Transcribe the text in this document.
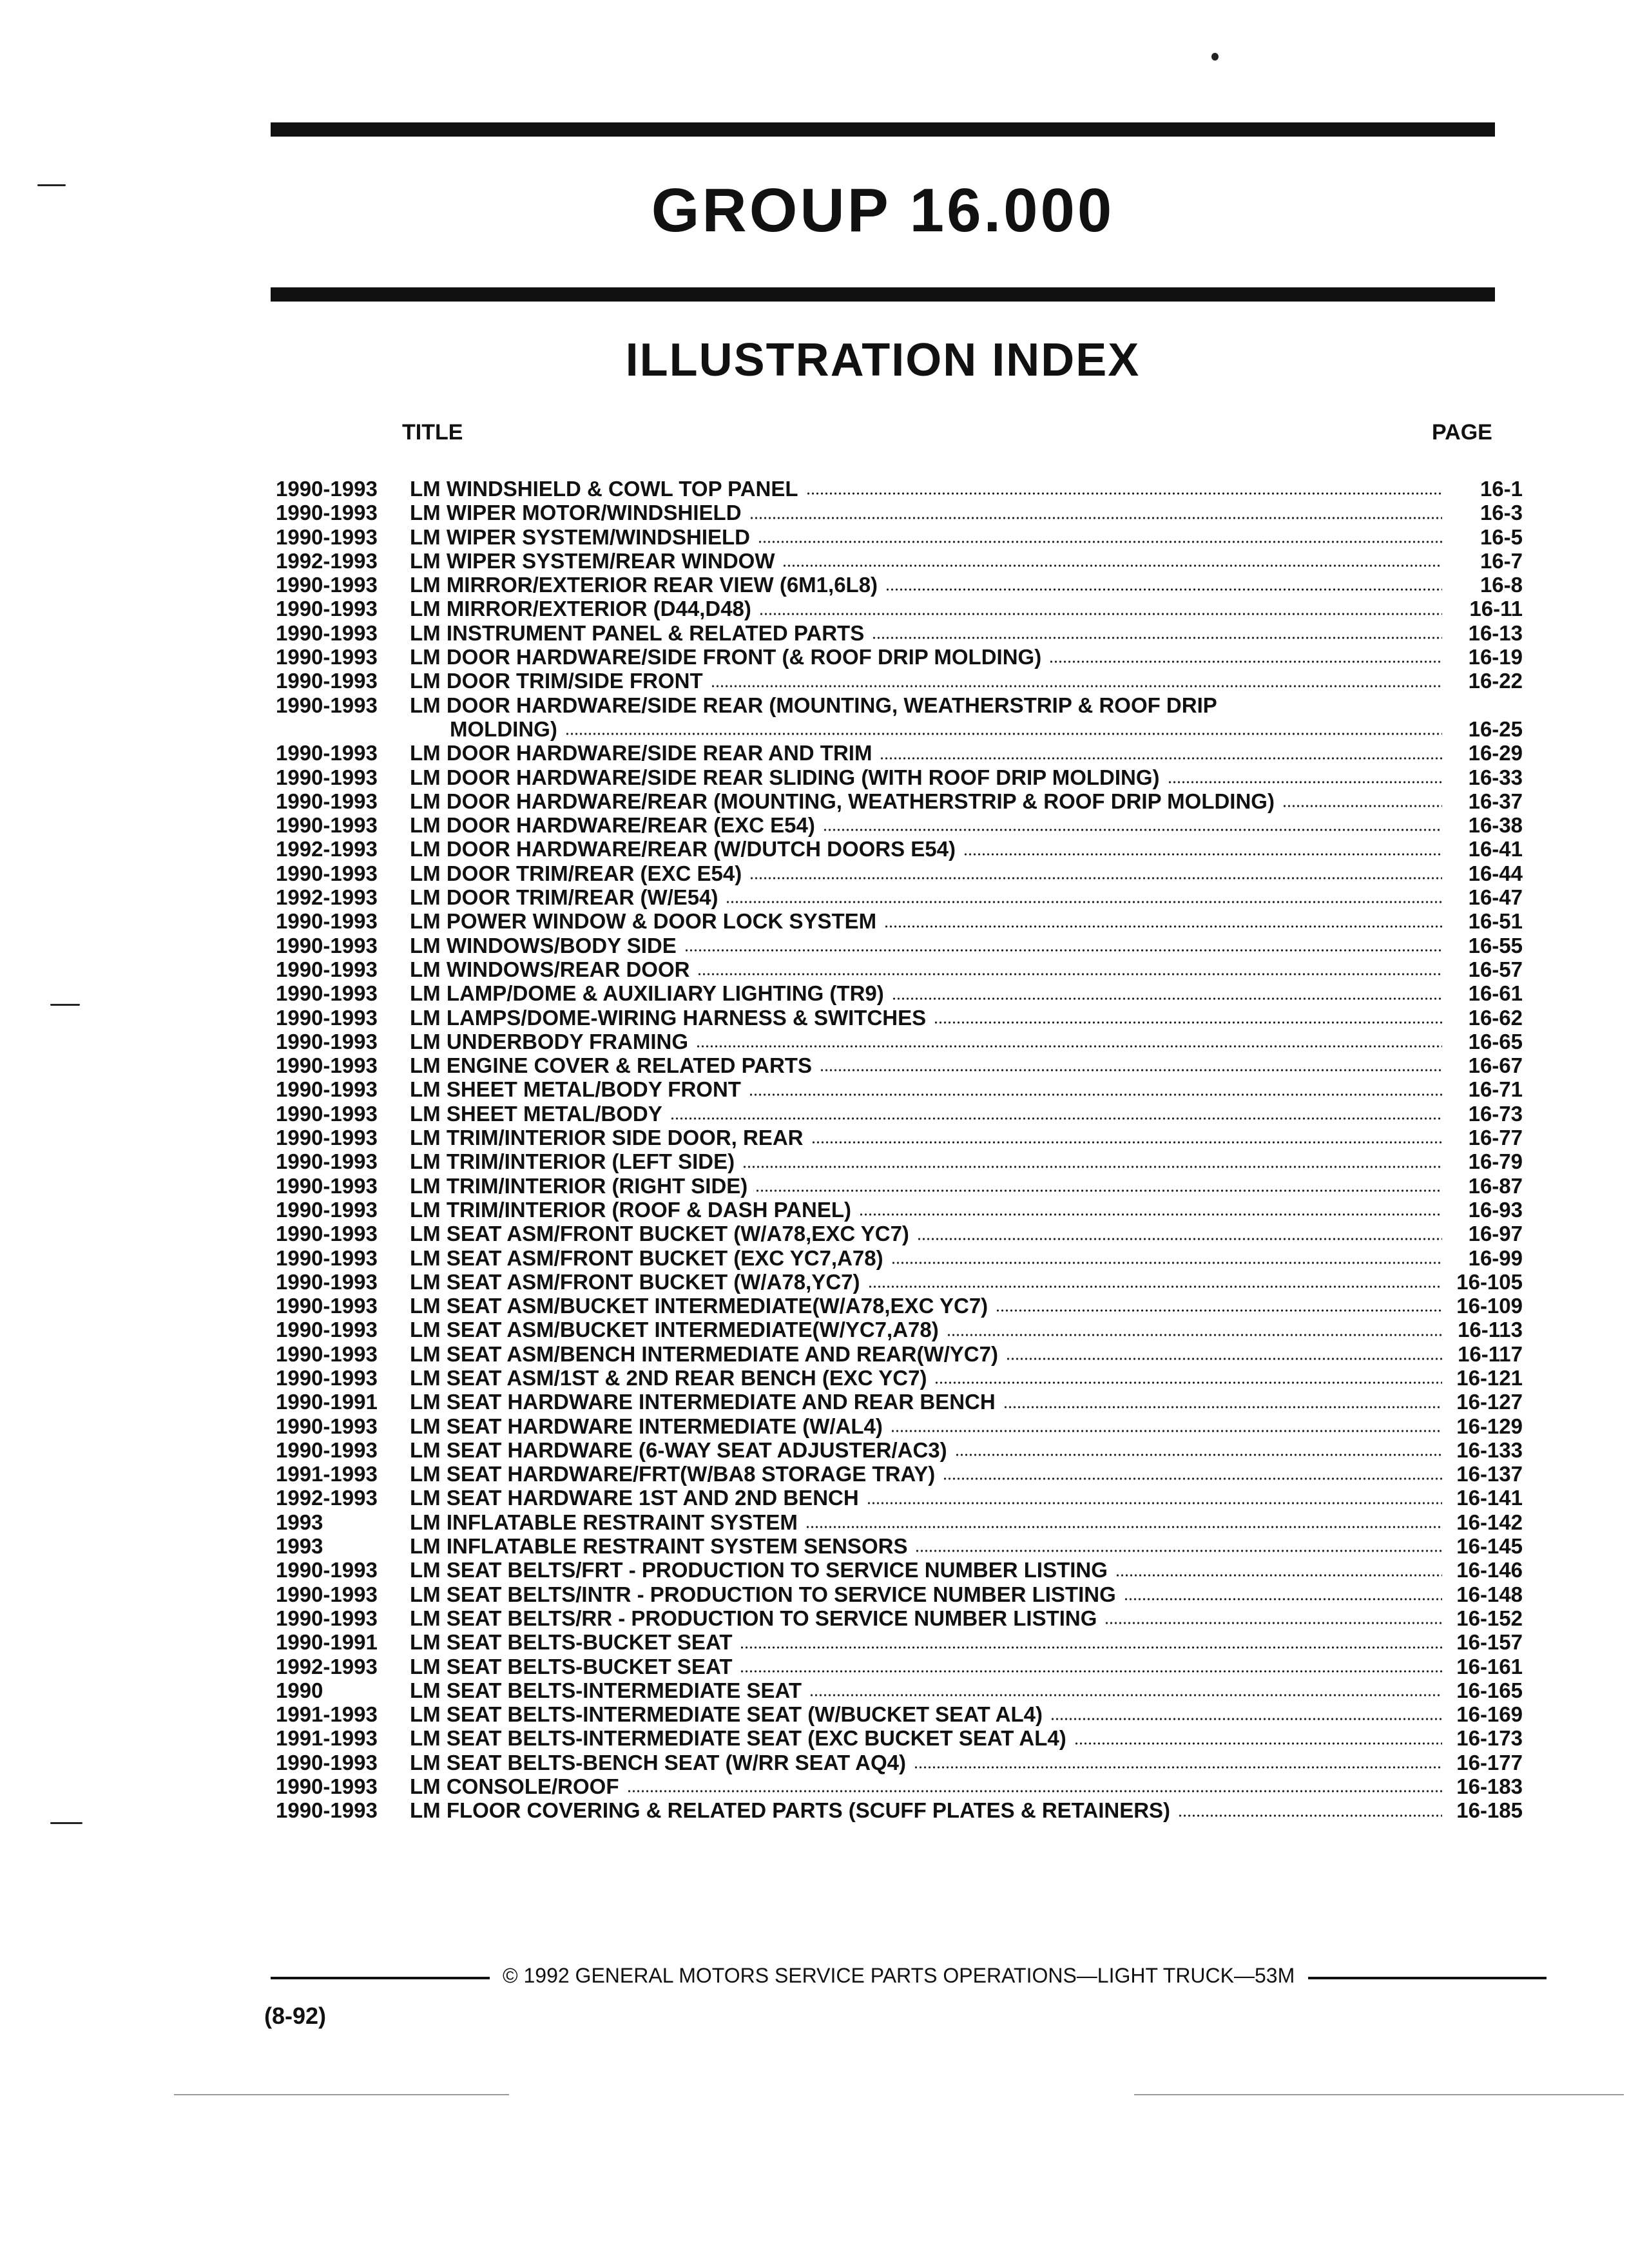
GROUP 16.000
ILLUSTRATION INDEX
TITLE	PAGE
1990-1993 LM WINDSHIELD & COWL TOP PANEL	16-1
1990-1993 LM WIPER MOTOR/WINDSHIELD	16-3
1990-1993 LM WIPER SYSTEM/WINDSHIELD	16-5
1992-1993 LM WIPER SYSTEM/REAR WINDOW	16-7
1990-1993 LM MIRROR/EXTERIOR REAR VIEW (6M1,6L8)	16-8
1990-1993 LM MIRROR/EXTERIOR (D44,D48)	16-11
1990-1993 LM INSTRUMENT PANEL & RELATED PARTS	16-13
1990-1993 LM DOOR HARDWARE/SIDE FRONT (& ROOF DRIP MOLDING)	16-19
1990-1993 LM DOOR TRIM/SIDE FRONT	16-22
1990-1993 LM DOOR HARDWARE/SIDE REAR (MOUNTING, WEATHERSTRIP & ROOF DRIP
MOLDING)	16-25
1990-1993 LM DOOR HARDWARE/SIDE REAR AND TRIM	16-29
1990-1993 LM DOOR HARDWARE/SIDE REAR SLIDING (WITH ROOF DRIP MOLDING)	16-33
1990-1993 LM DOOR HARDWARE/REAR (MOUNTING, WEATHERSTRIP & ROOF DRIP MOLDING)	16-37
1990-1993 LM DOOR HARDWARE/REAR (EXC E54)	16-38
1992-1993 LM DOOR HARDWARE/REAR (W/DUTCH DOORS E54)	16-41
1990-1993 LM DOOR TRIM/REAR (EXC E54)	16-44
1992-1993 LM DOOR TRIM/REAR (W/E54)	16-47
1990-1993 LM POWER WINDOW & DOOR LOCK SYSTEM	16-51
1990-1993 LM WINDOWS/BODY SIDE	16-55
1990-1993 LM WINDOWS/REAR DOOR	16-57
1990-1993 LM LAMP/DOME & AUXILIARY LIGHTING (TR9)	16-61
1990-1993 LM LAMPS/DOME-WIRING HARNESS & SWITCHES	16-62
1990-1993 LM UNDERBODY FRAMING	16-65
1990-1993 LM ENGINE COVER & RELATED PARTS	16-67
1990-1993 LM SHEET METAL/BODY FRONT	16-71
1990-1993 LM SHEET METAL/BODY	16-73
1990-1993 LM TRIM/INTERIOR SIDE DOOR, REAR	16-77
1990-1993 LM TRIM/INTERIOR (LEFT SIDE)	16-79
1990-1993 LM TRIM/INTERIOR (RIGHT SIDE)	16-87
1990-1993 LM TRIM/INTERIOR (ROOF & DASH PANEL)	16-93
1990-1993 LM SEAT ASM/FRONT BUCKET (W/A78,EXC YC7)	16-97
1990-1993 LM SEAT ASM/FRONT BUCKET (EXC YC7,A78)	16-99
1990-1993 LM SEAT ASM/FRONT BUCKET (W/A78,YC7)	16-105
1990-1993 LM SEAT ASM/BUCKET INTERMEDIATE(W/A78,EXC YC7)	16-109
1990-1993 LM SEAT ASM/BUCKET INTERMEDIATE(W/YC7,A78)	16-113
1990-1993 LM SEAT ASM/BENCH INTERMEDIATE AND REAR(W/YC7)	16-117
1990-1993 LM SEAT ASM/1ST & 2ND REAR BENCH (EXC YC7)	16-121
1990-1991 LM SEAT HARDWARE INTERMEDIATE AND REAR BENCH	16-127
1990-1993 LM SEAT HARDWARE INTERMEDIATE (W/AL4)	16-129
1990-1993 LM SEAT HARDWARE (6-WAY SEAT ADJUSTER/AC3)	16-133
1991-1993 LM SEAT HARDWARE/FRT(W/BA8 STORAGE TRAY)	16-137
1992-1993 LM SEAT HARDWARE 1ST AND 2ND BENCH	16-141
1993	LM INFLATABLE RESTRAINT SYSTEM	16-142
1993	LM INFLATABLE RESTRAINT SYSTEM SENSORS	16-145
1990-1993 LM SEAT BELTS/FRT - PRODUCTION TO SERVICE NUMBER LISTING	16-146
1990-1993 LM SEAT BELTS/INTR - PRODUCTION TO SERVICE NUMBER LISTING	16-148
1990-1993 LM SEAT BELTS/RR - PRODUCTION TO SERVICE NUMBER LISTING	16-152
1990-1991 LM SEAT BELTS-BUCKET SEAT	16-157
1992-1993 LM SEAT BELTS-BUCKET SEAT	16-161
1990	LM SEAT BELTS-INTERMEDIATE SEAT	16-165
1991-1993 LM SEAT BELTS-INTERMEDIATE SEAT (W/BUCKET SEAT AL4)	16-169
1991-1993 LM SEAT BELTS-INTERMEDIATE SEAT (EXC BUCKET SEAT AL4)	16-173
1990-1993 LM SEAT BELTS-BENCH SEAT (W/RR SEAT AQ4)	16-177
1990-1993 LM CONSOLE/ROOF	16-183
1990-1993 LM FLOOR COVERING & RELATED PARTS (SCUFF PLATES & RETAINERS)	16-185
© 1992 GENERAL MOTORS SERVICE PARTS OPERATIONS—LIGHT TRUCK—53M
(8-92)
